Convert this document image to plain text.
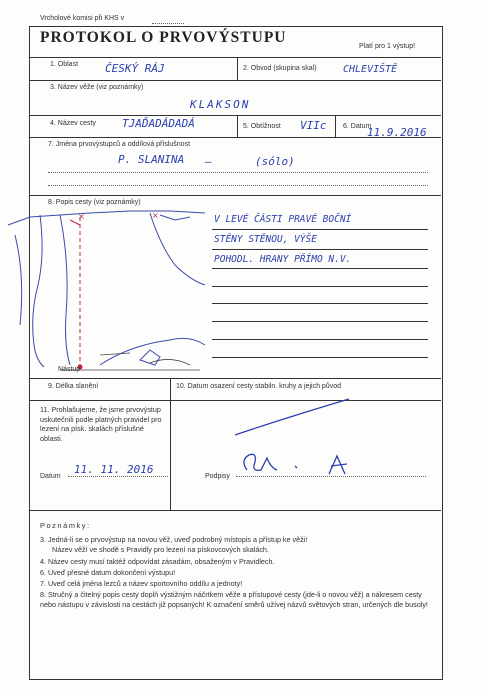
Vrcholové komisi při KHS v
PROTOKOL O PRVOVÝSTUPU
Platí pro 1 výstup!
1. Oblast ČESKÝ RÁJ	2. Obvod (skupina skal)	CHLEVIŠTĚ
3. Název věže (viz poznámky)
KLAKSON
4. Název cesty TJAĎADÁDADÁ	5. Obtížnost VIIc 6. Datum
11.9.2016
7. Jména prvovýstupců a oddílová příslušnost
P. SLANINA –	(sólo)
8. Popis cesty (viz poznámky)
V LEVÉ ČÁSTI PRAVÉ BOČNÍ
STĚNY STĚNOU, VÝŠE
POHODL. HRANY PŘÍMO N.V.
×
×
Nástup
9. Délka slanění	10. Datum osazení cesty stabiln. kruhy a jejich původ
11. Prohlašujeme, že jsme prvovýstup uskutečnili podle platných pravidel pro lezení na písk. skalách příslušné oblasti.
Datum
11. 11. 2016
Podpisy
Poznámky:
3. Jedná-li se o prvovýstup na novou věž, uveď podrobný místopis a přístup ke věži!
Název věží ve shodě s Pravidly pro lezení na pískovcových skalách.
4. Název cesty musí taktéž odpovídat zásadám, obsaženým v Pravidlech.
6. Uveď přesné datum dokončení výstupu!
7. Uveď celá jména lezců a název sportovního oddílu a jednoty!
8. Stručný a čitelný popis cesty doplň výstižným náčrtkem věže a přístupové cesty (jde-li o novou věž) a nákresem cesty nebo nástupu v závislosti na cestách již popsaných! K označení směrů užívej názvů světových stran, určených dle busoly!
